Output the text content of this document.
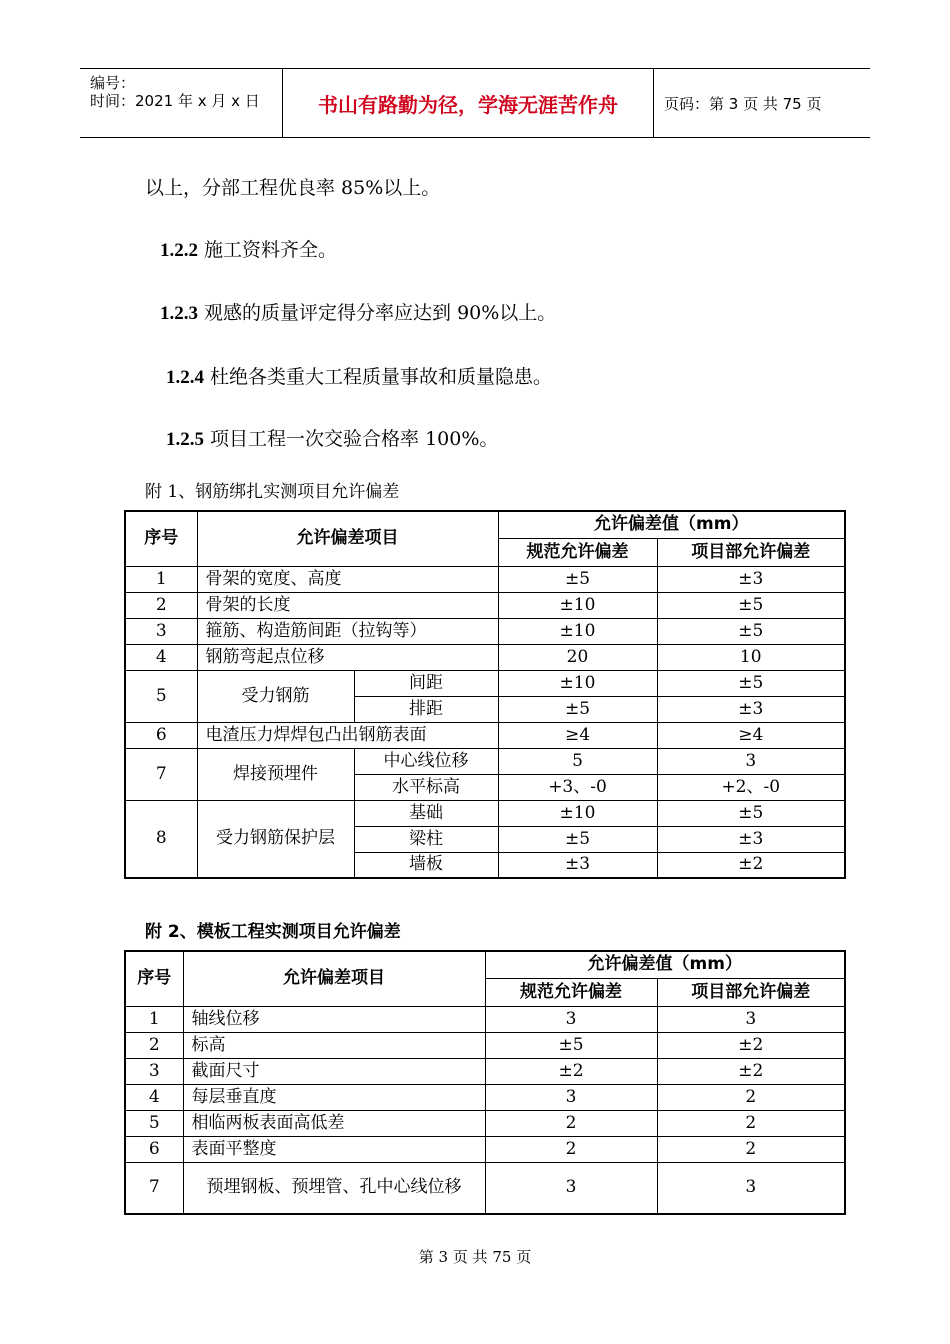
编号：
时间：2021 年 x 月 x 日	书山有路勤为径，学海无涯苦作舟	页码：第 3 页 共 75 页
以上，分部工程优良率 85%以上。
1.2.2 施工资料齐全。
1.2.3 观感的质量评定得分率应达到 90%以上。
1.2.4 杜绝各类重大工程质量事故和质量隐患。
1.2.5 项目工程一次交验合格率 100%。
附 1、钢筋绑扎实测项目允许偏差
序号	允许偏差项目		允许偏差值（mm）	
			规范允许偏差	项目部允许偏差
1	骨架的宽度、高度		±5	±3
2	骨架的长度		±10	±5
3	箍筋、构造筋间距（拉钩等）		±10	±5
4	钢筋弯起点位移		20	10
5	受力钢筋	间距	±10	±5
		排距	±5	±3
6	电渣压力焊焊包凸出钢筋表面		≥4	≥4
7	焊接预埋件	中心线位移	5	3
		水平标高	+3、-0	+2、-0
8	受力钢筋保护层	基础	±10	±5
		梁柱	±5	±3
		墙板	±3	±2
附 2、模板工程实测项目允许偏差
序号	允许偏差项目	允许偏差值（mm）	
		规范允许偏差	项目部允许偏差
1	轴线位移	3	3
2	标高	±5	±2
3	截面尺寸	±2	±2
4	每层垂直度	3	2
5	相临两板表面高低差	2	2
6	表面平整度	2	2
7	预埋钢板、预埋管、孔中心线位移	3	3
第 3 页 共 75 页
